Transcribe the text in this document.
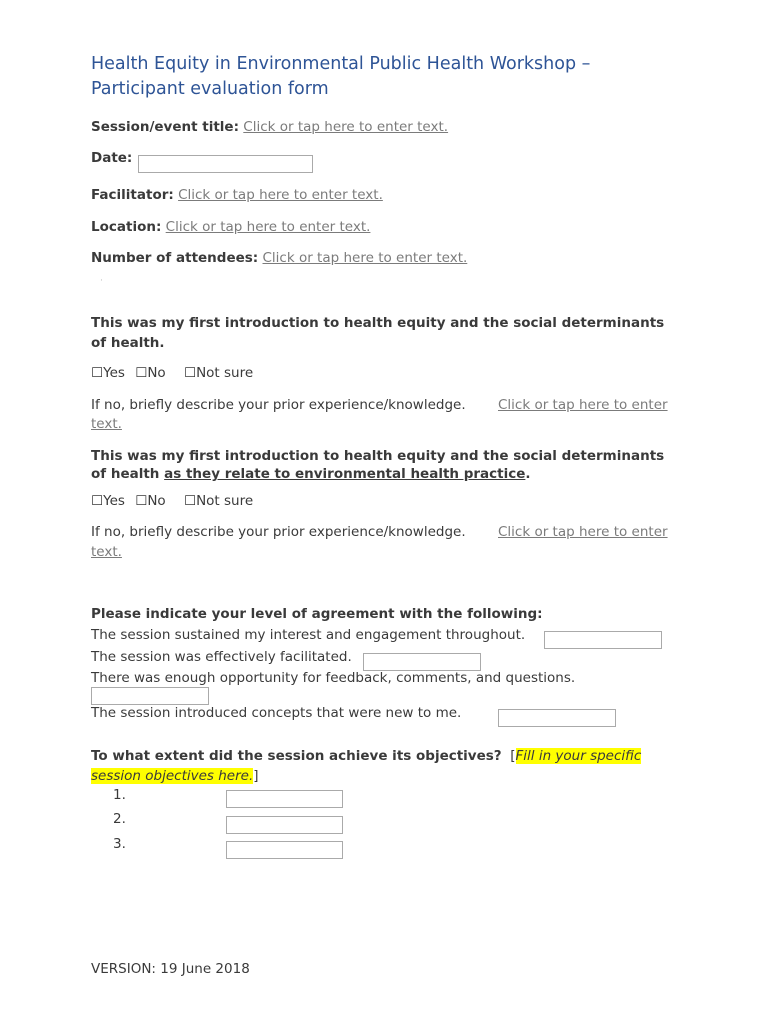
Health Equity in Environmental Public Health Workshop –
Participant evaluation form
Session/event title: Click or tap here to enter text.
Date:
Facilitator: Click or tap here to enter text.
Location: Click or tap here to enter text.
Number of attendees: Click or tap here to enter text.
·
This was my first introduction to health equity and the social determinants
of health.
☐Yes ☐No ☐Not sure
If no, briefly describe your prior experience/knowledge. Click or tap here to enter
text.
This was my first introduction to health equity and the social determinants
of health as they relate to environmental health practice.
☐Yes ☐No ☐Not sure
If no, briefly describe your prior experience/knowledge. Click or tap here to enter
text.
Please indicate your level of agreement with the following:
The session sustained my interest and engagement throughout.
The session was effectively facilitated.
There was enough opportunity for feedback, comments, and questions.
The session introduced concepts that were new to me.
To what extent did the session achieve its objectives? [Fill in your specific
session objectives here.]
1.
2.
3.
VERSION: 19 June 2018
